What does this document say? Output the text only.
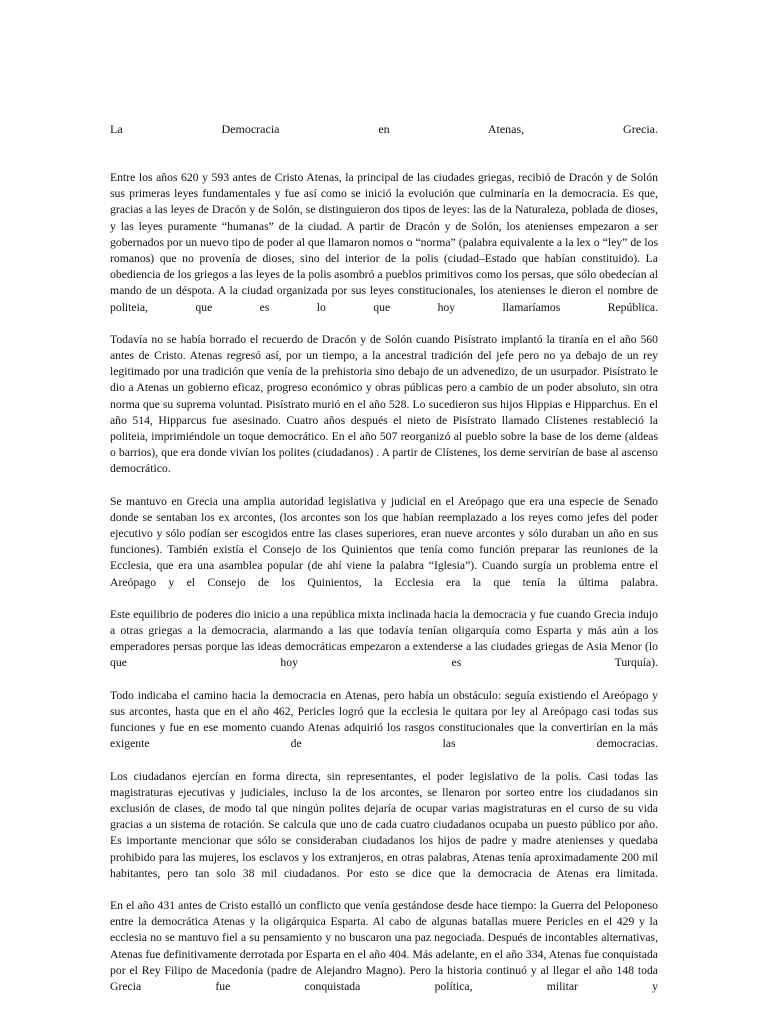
La Democracia en Atenas, Grecia.

Entre los años 620 y 593 antes de Cristo Atenas, la principal de las ciudades griegas, recibió de Dracón y de Solón sus primeras leyes fundamentales y fue así como se inició la evolución que culminaría en la democracia. Es que, gracias a las leyes de Dracón y de Solón, se distinguieron dos tipos de leyes: las de la Naturaleza, poblada de dioses, y las leyes puramente “humanas” de la ciudad. A partir de Dracón y de Solón, los atenienses empezaron a ser gobernados por un nuevo tipo de poder al que llamaron nomos o “norma” (palabra equivalente a la lex o “ley” de los romanos) que no provenía de dioses, sino del interior de la polis (ciudad–Estado que habían constituido). La obediencia de los griegos a las leyes de la polis asombró a pueblos primitivos como los persas, que sólo obedecían al mando de un déspota. A la ciudad organizada por sus leyes constitucionales, los atenienses le dieron el nombre de politeia, que es lo que hoy llamaríamos República.

Todavía no se había borrado el recuerdo de Dracón y de Solón cuando Pisístrato implantó la tiranía en el año 560 antes de Cristo. Atenas regresó así, por un tiempo, a la ancestral tradición del jefe pero no ya debajo de un rey legitimado por una tradición que venía de la prehistoria sino debajo de un advenedizo, de un usurpador. Pisístrato le dio a Atenas un gobierno eficaz, progreso económico y obras públicas pero a cambio de un poder absoluto, sin otra norma que su suprema voluntad. Pisístrato murió en el año 528. Lo sucedieron sus hijos Hippias e Hipparchus. En el año 514, Hipparcus fue asesinado. Cuatro años después el nieto de Pisístrato llamado Clístenes restableció la politeia, imprimiéndole un toque democrático. En el año 507 reorganizó al pueblo sobre la base de los deme (aldeas o barrios), que era donde vivían los polites (ciudadanos) . A partir de Clístenes, los deme servirían de base al ascenso democrático.

Se mantuvo en Grecia una amplia autoridad legislativa y judicial en el Areópago que era una especie de Senado donde se sentaban los ex arcontes, (los arcontes son los que habían reemplazado a los reyes como jefes del poder ejecutivo y sólo podían ser escogidos entre las clases superiores, eran nueve arcontes y sólo duraban un año en sus funciones). También existía el Consejo de los Quinientos que tenía como función preparar las reuniones de la Ecclesia, que era una asamblea popular (de ahí viene la palabra “Iglesia”). Cuando surgía un problema entre el Areópago y el Consejo de los Quinientos, la Ecclesia era la que tenía la última palabra.

Este equilibrio de poderes dio inicio a una república mixta inclinada hacia la democracia y fue cuando Grecia indujo a otras griegas a la democracia, alarmando a las que todavía tenían oligarquía como Esparta y más aún a los emperadores persas porque las ideas democráticas empezaron a extenderse a las ciudades griegas de Asia Menor (lo que hoy es Turquía).

Todo indicaba el camino hacia la democracia en Atenas, pero había un obstáculo: seguía existiendo el Areópago y sus arcontes, hasta que en el año 462, Pericles logró que la ecclesia le quitara por ley al Areópago casi todas sus funciones y fue en ese momento cuando Atenas adquirió los rasgos constitucionales que la convertirían en la más exigente de las democracias.

Los ciudadanos ejercían en forma directa, sin representantes, el poder legislativo de la polis. Casi todas las magistraturas ejecutivas y judiciales, incluso la de los arcontes, se llenaron por sorteo entre los ciudadanos sin exclusión de clases, de modo tal que ningún polites dejaría de ocupar varias magistraturas en el curso de su vida gracias a un sistema de rotación. Se calcula que uno de cada cuatro ciudadanos ocupaba un puesto público por año. Es importante mencionar que sólo se consideraban ciudadanos los hijos de padre y madre atenienses y quedaba prohibido para las mujeres, los esclavos y los extranjeros, en otras palabras, Atenas tenía aproximadamente 200 mil habitantes, pero tan solo 38 mil ciudadanos. Por esto se dice que la democracia de Atenas era limitada.

En el año 431 antes de Cristo estalló un conflicto que venía gestándose desde hace tiempo: la Guerra del Peloponeso entre la democrática Atenas y la oligárquica Esparta. Al cabo de algunas batallas muere Pericles en el 429 y la ecclesia no se mantuvo fiel a su pensamiento y no buscaron una paz negociada. Después de incontables alternativas, Atenas fue definitivamente derrotada por Esparta en el año 404. Más adelante, en el año 334, Atenas fue conquistada por el Rey Filipo de Macedonia (padre de Alejandro Magno). Pero la historia continuó y al llegar el año 148 toda Grecia fue conquistada política, militar y
